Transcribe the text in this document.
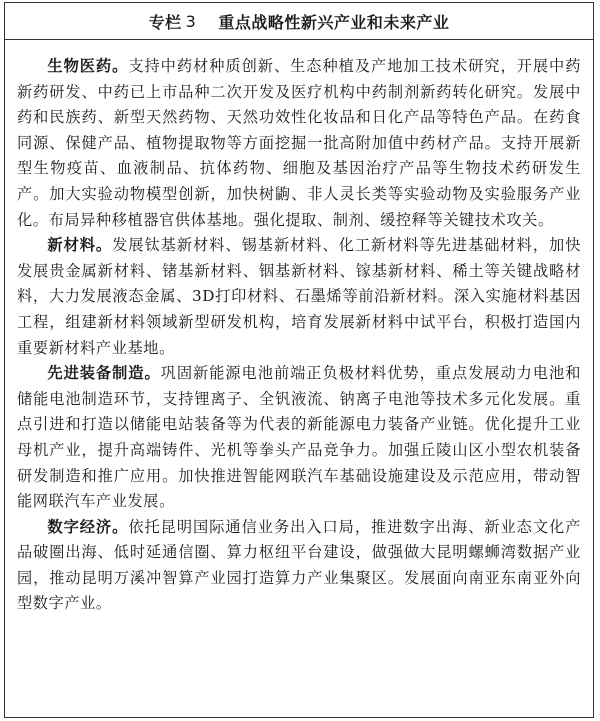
专栏 3 重点战略性新兴产业和未来产业

生物医药。支持中药材种质创新、生态种植及产地加工技术研究，开展中药新药研发、中药已上市品种二次开发及医疗机构中药制剂新药转化研究。发展中药和民族药、新型天然药物、天然功效性化妆品和日化产品等特色产品。在药食同源、保健产品、植物提取物等方面挖掘一批高附加值中药材产品。支持开展新型生物疫苗、血液制品、抗体药物、细胞及基因治疗产品等生物技术药研发生产。加大实验动物模型创新，加快树鼩、非人灵长类等实验动物及实验服务产业化。布局异种移植器官供体基地。强化提取、制剂、缓控释等关键技术攻关。

新材料。发展钛基新材料、锡基新材料、化工新材料等先进基础材料，加快发展贵金属新材料、锗基新材料、铟基新材料、镓基新材料、稀土等关键战略材料，大力发展液态金属、3D打印材料、石墨烯等前沿新材料。深入实施材料基因工程，组建新材料领域新型研发机构，培育发展新材料中试平台，积极打造国内重要新材料产业基地。

先进装备制造。巩固新能源电池前端正负极材料优势，重点发展动力电池和储能电池制造环节，支持锂离子、全钒液流、钠离子电池等技术多元化发展。重点引进和打造以储能电站装备等为代表的新能源电力装备产业链。优化提升工业母机产业，提升高端铸件、光机等拳头产品竞争力。加强丘陵山区小型农机装备研发制造和推广应用。加快推进智能网联汽车基础设施建设及示范应用，带动智能网联汽车产业发展。

数字经济。依托昆明国际通信业务出入口局，推进数字出海、新业态文化产品破圈出海、低时延通信圈、算力枢纽平台建设，做强做大昆明螺蛳湾数据产业园，推动昆明万溪冲智算产业园打造算力产业集聚区。发展面向南亚东南亚外向型数字产业。
